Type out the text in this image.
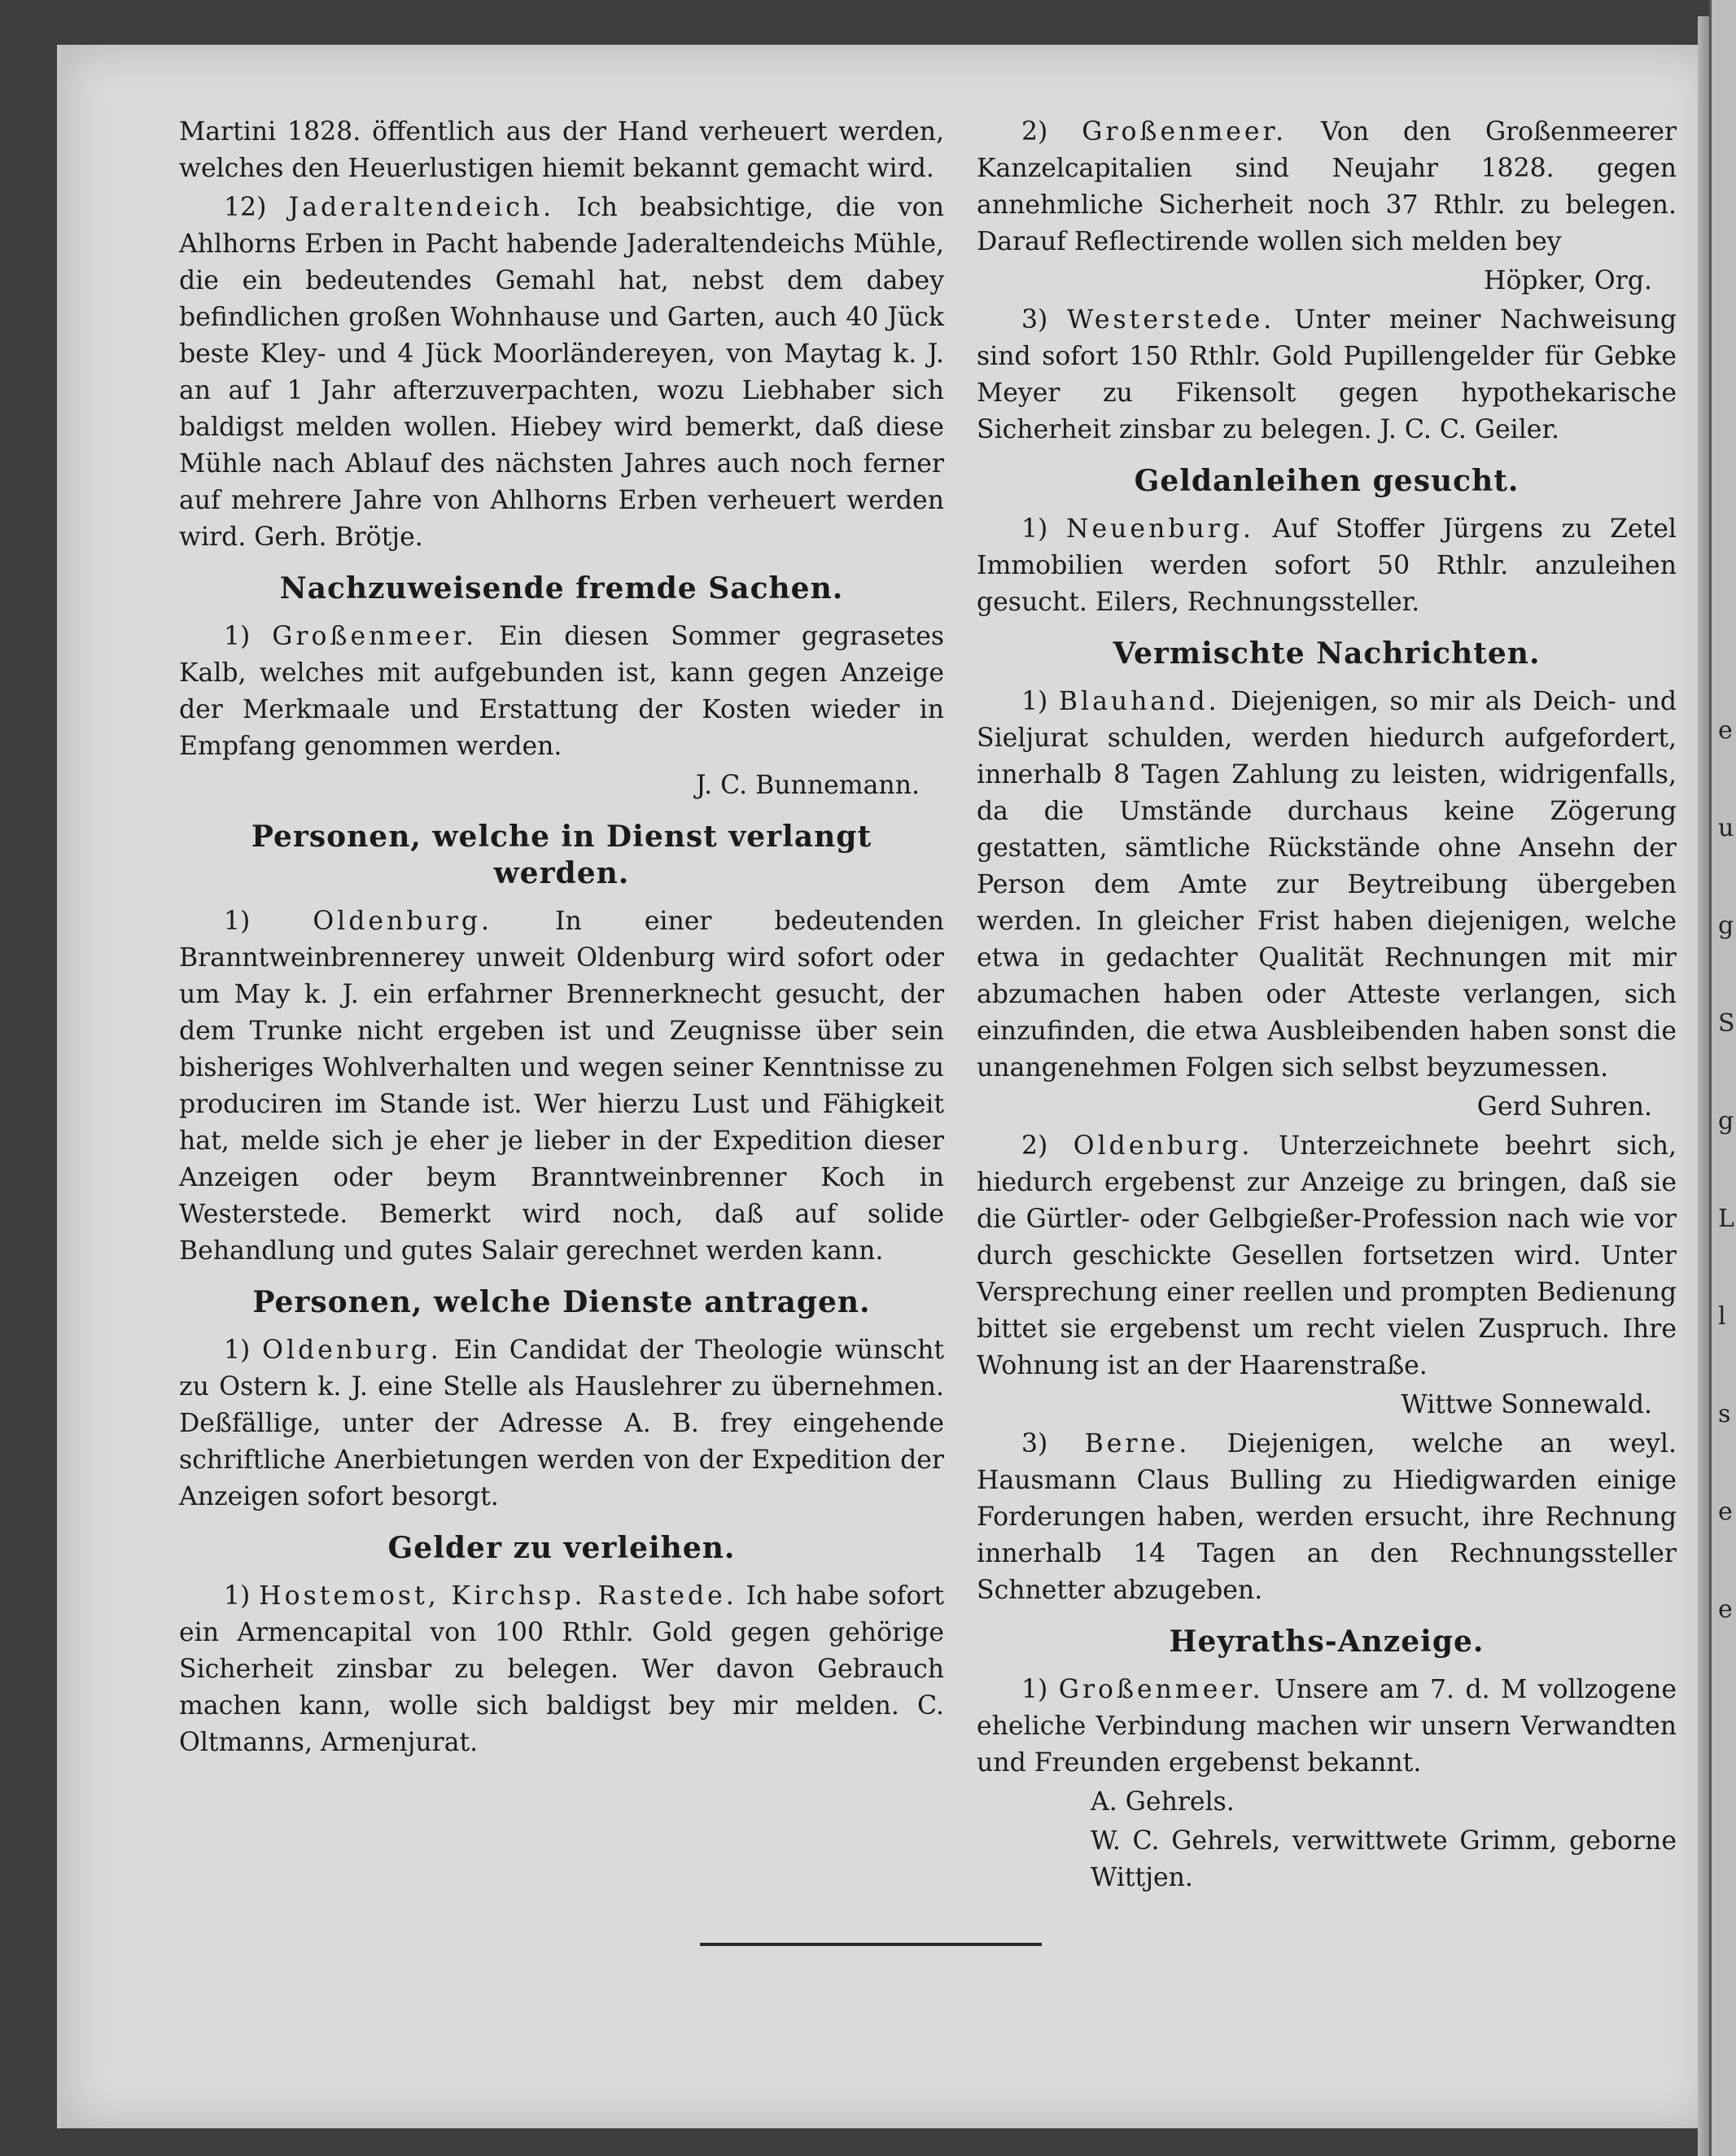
e
u
g
S
g
L
l
s
e
e

Martini 1828. öffentlich aus der Hand verheuert werden, welches den Heuerlustigen hiemit bekannt gemacht wird.

12) Jaderaltendeich. Ich beabsichtige, die von Ahlhorns Erben in Pacht habende Jaderaltendeichs Mühle, die ein bedeutendes Gemahl hat, nebst dem dabey befindlichen großen Wohnhause und Garten, auch 40 Jück beste Kley- und 4 Jück Moorländereyen, von Maytag k. J. an auf 1 Jahr afterzuverpachten, wozu Liebhaber sich baldigst melden wollen. Hiebey wird bemerkt, daß diese Mühle nach Ablauf des nächsten Jahres auch noch ferner auf mehrere Jahre von Ahlhorns Erben verheuert werden wird. Gerh. Brötje.

Nachzuweisende fremde Sachen.

1) Großenmeer. Ein diesen Sommer gegrasetes Kalb, welches mit aufgebunden ist, kann gegen Anzeige der Merkmaale und Erstattung der Kosten wieder in Empfang genommen werden.

J. C. Bunnemann.

Personen, welche in Dienst verlangt werden.

1) Oldenburg. In einer bedeutenden Branntweinbrennerey unweit Oldenburg wird sofort oder um May k. J. ein erfahrner Brennerknecht gesucht, der dem Trunke nicht ergeben ist und Zeugnisse über sein bisheriges Wohlverhalten und wegen seiner Kenntnisse zu produciren im Stande ist. Wer hierzu Lust und Fähigkeit hat, melde sich je eher je lieber in der Expedition dieser Anzeigen oder beym Branntweinbrenner Koch in Westerstede. Bemerkt wird noch, daß auf solide Behandlung und gutes Salair gerechnet werden kann.

Personen, welche Dienste antragen.

1) Oldenburg. Ein Candidat der Theologie wünscht zu Ostern k. J. eine Stelle als Hauslehrer zu übernehmen. Deßfällige, unter der Adresse A. B. frey eingehende schriftliche Anerbietungen werden von der Expedition der Anzeigen sofort besorgt.

Gelder zu verleihen.

1) Hostemost, Kirchsp. Rastede. Ich habe sofort ein Armencapital von 100 Rthlr. Gold gegen gehörige Sicherheit zinsbar zu belegen. Wer davon Gebrauch machen kann, wolle sich baldigst bey mir melden. C. Oltmanns, Armenjurat.

2) Großenmeer. Von den Großenmeerer Kanzelcapitalien sind Neujahr 1828. gegen annehmliche Sicherheit noch 37 Rthlr. zu belegen. Darauf Reflectirende wollen sich melden bey

Höpker, Org.

3) Westerstede. Unter meiner Nachweisung sind sofort 150 Rthlr. Gold Pupillengelder für Gebke Meyer zu Fikensolt gegen hypothekarische Sicherheit zinsbar zu belegen. J. C. C. Geiler.

Geldanleihen gesucht.

1) Neuenburg. Auf Stoffer Jürgens zu Zetel Immobilien werden sofort 50 Rthlr. anzuleihen gesucht. Eilers, Rechnungssteller.

Vermischte Nachrichten.

1) Blauhand. Diejenigen, so mir als Deich- und Sieljurat schulden, werden hiedurch aufgefordert, innerhalb 8 Tagen Zahlung zu leisten, widrigenfalls, da die Umstände durchaus keine Zögerung gestatten, sämtliche Rückstände ohne Ansehn der Person dem Amte zur Beytreibung übergeben werden. In gleicher Frist haben diejenigen, welche etwa in gedachter Qualität Rechnungen mit mir abzumachen haben oder Atteste verlangen, sich einzufinden, die etwa Ausbleibenden haben sonst die unangenehmen Folgen sich selbst beyzumessen.

Gerd Suhren.

2) Oldenburg. Unterzeichnete beehrt sich, hiedurch ergebenst zur Anzeige zu bringen, daß sie die Gürtler- oder Gelbgießer-Profession nach wie vor durch geschickte Gesellen fortsetzen wird. Unter Versprechung einer reellen und prompten Bedienung bittet sie ergebenst um recht vielen Zuspruch. Ihre Wohnung ist an der Haarenstraße.

Wittwe Sonnewald.

3) Berne. Diejenigen, welche an weyl. Hausmann Claus Bulling zu Hiedigwarden einige Forderungen haben, werden ersucht, ihre Rechnung innerhalb 14 Tagen an den Rechnungssteller Schnetter abzugeben.

Heyraths-Anzeige.

1) Großenmeer. Unsere am 7. d. M vollzogene eheliche Verbindung machen wir unsern Verwandten und Freunden ergebenst bekannt.

A. Gehrels.

W. C. Gehrels, verwittwete Grimm, geborne Wittjen.
